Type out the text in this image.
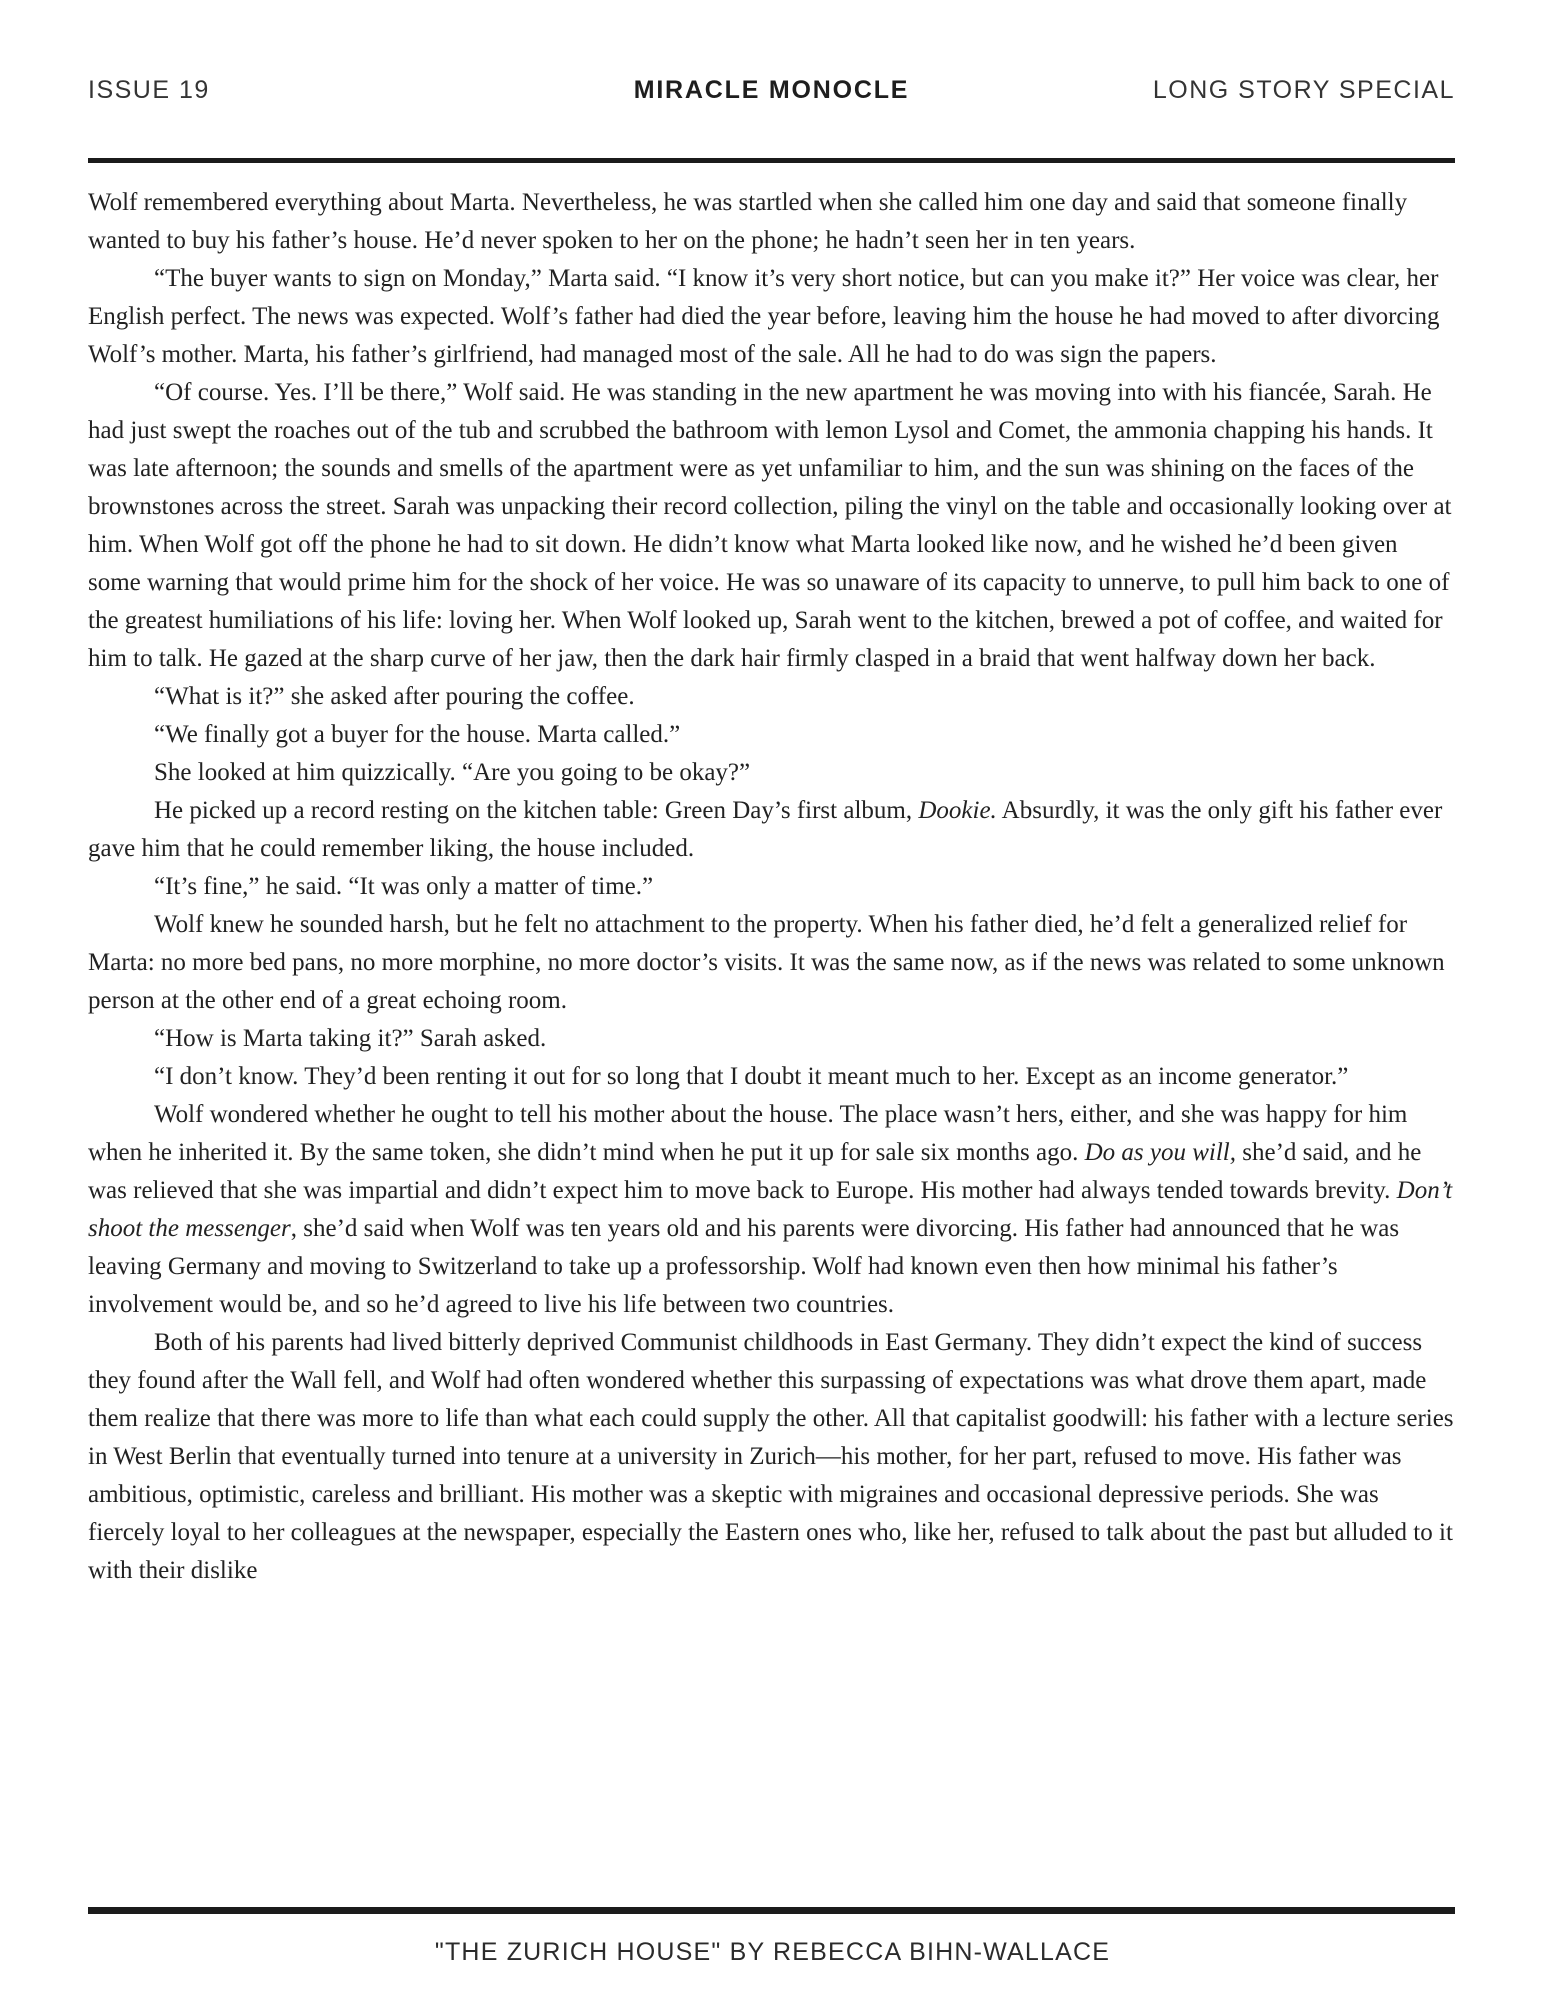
ISSUE 19	MIRACLE MONOCLE	LONG STORY SPECIAL

Wolf remembered everything about Marta. Nevertheless, he was startled when she called him one day and said that someone finally wanted to buy his father’s house. He’d never spoken to her on the phone; he hadn’t seen her in ten years.

“The buyer wants to sign on Monday,” Marta said. “I know it’s very short notice, but can you make it?” Her voice was clear, her English perfect. The news was expected. Wolf’s father had died the year before, leaving him the house he had moved to after divorcing Wolf’s mother. Marta, his father’s girlfriend, had managed most of the sale. All he had to do was sign the papers.

“Of course. Yes. I’ll be there,” Wolf said. He was standing in the new apartment he was moving into with his fiancée, Sarah. He had just swept the roaches out of the tub and scrubbed the bathroom with lemon Lysol and Comet, the ammonia chapping his hands. It was late afternoon; the sounds and smells of the apartment were as yet unfamiliar to him, and the sun was shining on the faces of the brownstones across the street. Sarah was unpacking their record collection, piling the vinyl on the table and occasionally looking over at him. When Wolf got off the phone he had to sit down. He didn’t know what Marta looked like now, and he wished he’d been given some warning that would prime him for the shock of her voice. He was so unaware of its capacity to unnerve, to pull him back to one of the greatest humiliations of his life: loving her. When Wolf looked up, Sarah went to the kitchen, brewed a pot of coffee, and waited for him to talk. He gazed at the sharp curve of her jaw, then the dark hair firmly clasped in a braid that went halfway down her back.

“What is it?” she asked after pouring the coffee.

“We finally got a buyer for the house. Marta called.”

She looked at him quizzically. “Are you going to be okay?”

He picked up a record resting on the kitchen table: Green Day’s first album, Dookie. Absurdly, it was the only gift his father ever gave him that he could remember liking, the house included.

“It’s fine,” he said. “It was only a matter of time.”

Wolf knew he sounded harsh, but he felt no attachment to the property. When his father died, he’d felt a generalized relief for Marta: no more bed pans, no more morphine, no more doctor’s visits. It was the same now, as if the news was related to some unknown person at the other end of a great echoing room.

“How is Marta taking it?” Sarah asked.

“I don’t know. They’d been renting it out for so long that I doubt it meant much to her. Except as an income generator.”

Wolf wondered whether he ought to tell his mother about the house. The place wasn’t hers, either, and she was happy for him when he inherited it. By the same token, she didn’t mind when he put it up for sale six months ago. Do as you will, she’d said, and he was relieved that she was impartial and didn’t expect him to move back to Europe. His mother had always tended towards brevity. Don’t shoot the messenger, she’d said when Wolf was ten years old and his parents were divorcing. His father had announced that he was leaving Germany and moving to Switzerland to take up a professorship. Wolf had known even then how minimal his father’s involvement would be, and so he’d agreed to live his life between two countries.

Both of his parents had lived bitterly deprived Communist childhoods in East Germany. They didn’t expect the kind of success they found after the Wall fell, and Wolf had often wondered whether this surpassing of expectations was what drove them apart, made them realize that there was more to life than what each could supply the other. All that capitalist goodwill: his father with a lecture series in West Berlin that eventually turned into tenure at a university in Zurich—his mother, for her part, refused to move. His father was ambitious, optimistic, careless and brilliant. His mother was a skeptic with migraines and occasional depressive periods. She was fiercely loyal to her colleagues at the newspaper, especially the Eastern ones who, like her, refused to talk about the past but alluded to it with their dislike

"THE ZURICH HOUSE" BY REBECCA BIHN-WALLACE
